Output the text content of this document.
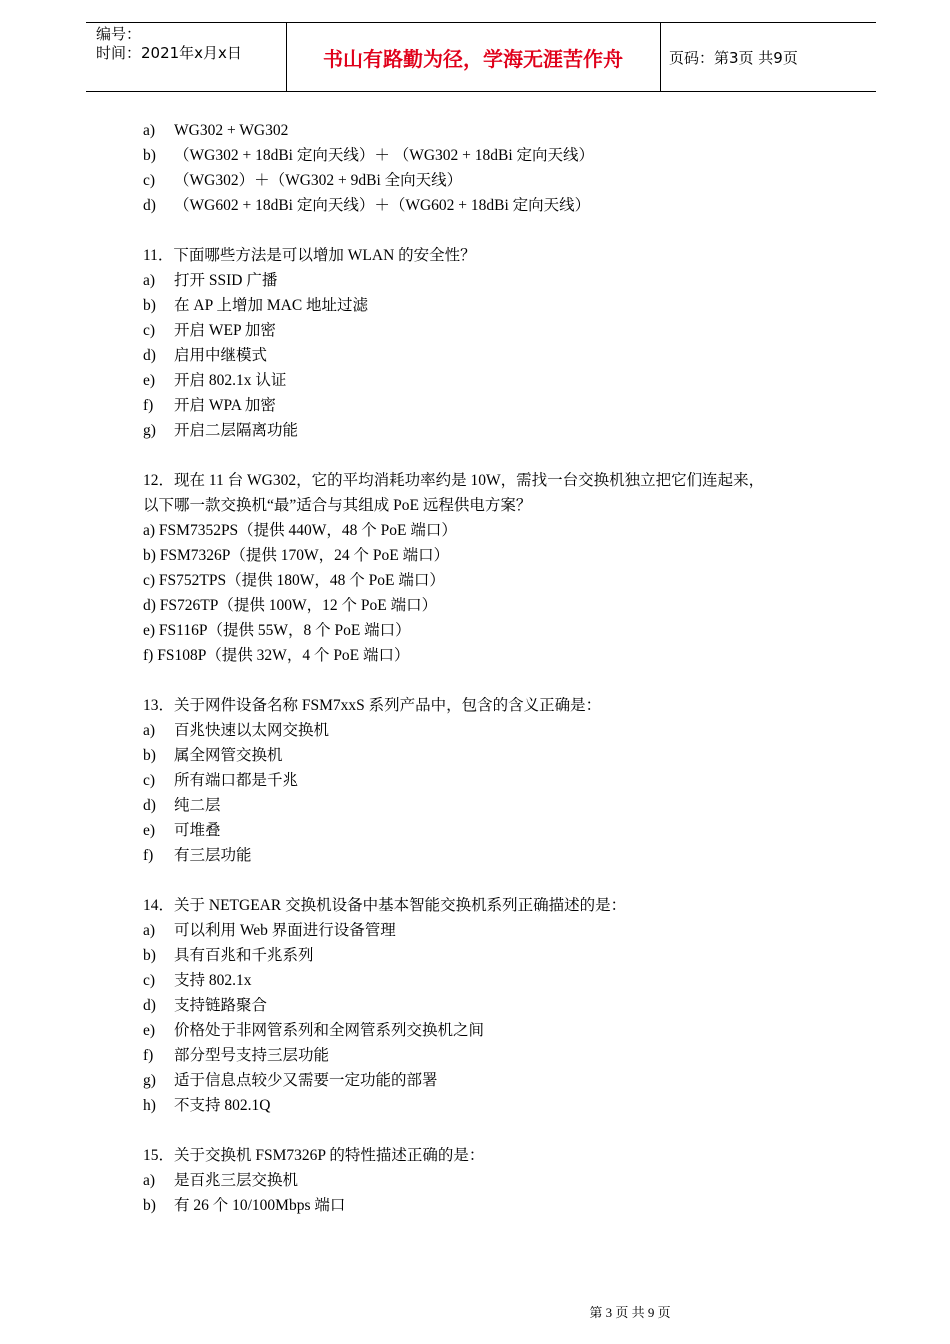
编号：
时间：2021年x月x日	书山有路勤为径，学海无涯苦作舟	页码：第3页 共9页
a) WG302 + WG302
b) （WG302 + 18dBi 定向天线）＋ （WG302 + 18dBi 定向天线）
c) （WG302）＋（WG302 + 9dBi 全向天线）
d) （WG602 + 18dBi 定向天线）＋（WG602 + 18dBi 定向天线）
11．下面哪些方法是可以增加 WLAN 的安全性？
a) 打开 SSID 广播
b) 在 AP 上增加 MAC 地址过滤
c) 开启 WEP 加密
d) 启用中继模式
e) 开启 802.1x 认证
f) 开启 WPA 加密
g) 开启二层隔离功能
12．现在 11 台 WG302，它的平均消耗功率约是 10W，需找一台交换机独立把它们连起来，
以下哪一款交换机“最”适合与其组成 PoE 远程供电方案？
a) FSM7352PS（提供 440W，48 个 PoE 端口）
b) FSM7326P（提供 170W，24 个 PoE 端口）
c) FS752TPS（提供 180W，48 个 PoE 端口）
d) FS726TP（提供 100W，12 个 PoE 端口）
e) FS116P（提供 55W，8 个 PoE 端口）
f) FS108P（提供 32W，4 个 PoE 端口）
13．关于网件设备名称 FSM7xxS 系列产品中，包含的含义正确是：
a) 百兆快速以太网交换机
b) 属全网管交换机
c) 所有端口都是千兆
d) 纯二层
e) 可堆叠
f) 有三层功能
14．关于 NETGEAR 交换机设备中基本智能交换机系列正确描述的是：
a) 可以利用 Web 界面进行设备管理
b) 具有百兆和千兆系列
c) 支持 802.1x
d) 支持链路聚合
e) 价格处于非网管系列和全网管系列交换机之间
f) 部分型号支持三层功能
g) 适于信息点较少又需要一定功能的部署
h) 不支持 802.1Q
15．关于交换机 FSM7326P 的特性描述正确的是：
a) 是百兆三层交换机
b) 有 26 个 10/100Mbps 端口
第 3 页 共 9 页
